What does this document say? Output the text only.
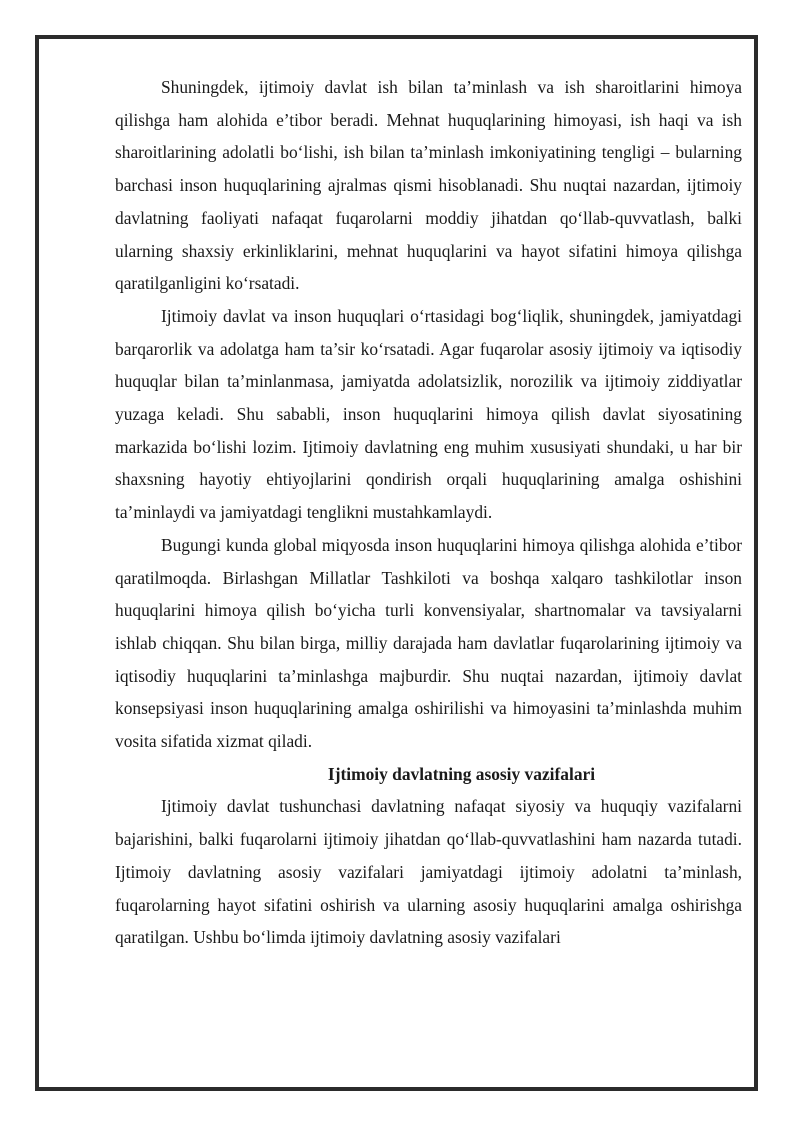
Shuningdek, ijtimoiy davlat ish bilan ta’minlash va ish sharoitlarini himoya qilishga ham alohida e’tibor beradi. Mehnat huquqlarining himoyasi, ish haqi va ish sharoitlarining adolatli bo‘lishi, ish bilan ta’minlash imkoniyatining tengligi – bularning barchasi inson huquqlarining ajralmas qismi hisoblanadi. Shu nuqtai nazardan, ijtimoiy davlatning faoliyati nafaqat fuqarolarni moddiy jihatdan qo‘llab-quvvatlash, balki ularning shaxsiy erkinliklarini, mehnat huquqlarini va hayot sifatini himoya qilishga qaratilganligini ko‘rsatadi.

Ijtimoiy davlat va inson huquqlari o‘rtasidagi bog‘liqlik, shuningdek, jamiyatdagi barqarorlik va adolatga ham ta’sir ko‘rsatadi. Agar fuqarolar asosiy ijtimoiy va iqtisodiy huquqlar bilan ta’minlanmasa, jamiyatda adolatsizlik, norozilik va ijtimoiy ziddiyatlar yuzaga keladi. Shu sababli, inson huquqlarini himoya qilish davlat siyosatining markazida bo‘lishi lozim. Ijtimoiy davlatning eng muhim xususiyati shundaki, u har bir shaxsning hayotiy ehtiyojlarini qondirish orqali huquqlarining amalga oshishini ta’minlaydi va jamiyatdagi tenglikni mustahkamlaydi.

Bugungi kunda global miqyosda inson huquqlarini himoya qilishga alohida e’tibor qaratilmoqda. Birlashgan Millatlar Tashkiloti va boshqa xalqaro tashkilotlar inson huquqlarini himoya qilish bo‘yicha turli konvensiyalar, shartnomalar va tavsiyalarni ishlab chiqqan. Shu bilan birga, milliy darajada ham davlatlar fuqarolarining ijtimoiy va iqtisodiy huquqlarini ta’minlashga majburdir. Shu nuqtai nazardan, ijtimoiy davlat konsepsiyasi inson huquqlarining amalga oshirilishi va himoyasini ta’minlashda muhim vosita sifatida xizmat qiladi.

Ijtimoiy davlatning asosiy vazifalari

Ijtimoiy davlat tushunchasi davlatning nafaqat siyosiy va huquqiy vazifalarni bajarishini, balki fuqarolarni ijtimoiy jihatdan qo‘llab-quvvatlashini ham nazarda tutadi. Ijtimoiy davlatning asosiy vazifalari jamiyatdagi ijtimoiy adolatni ta’minlash, fuqarolarning hayot sifatini oshirish va ularning asosiy huquqlarini amalga oshirishga qaratilgan. Ushbu bo‘limda ijtimoiy davlatning asosiy vazifalari
